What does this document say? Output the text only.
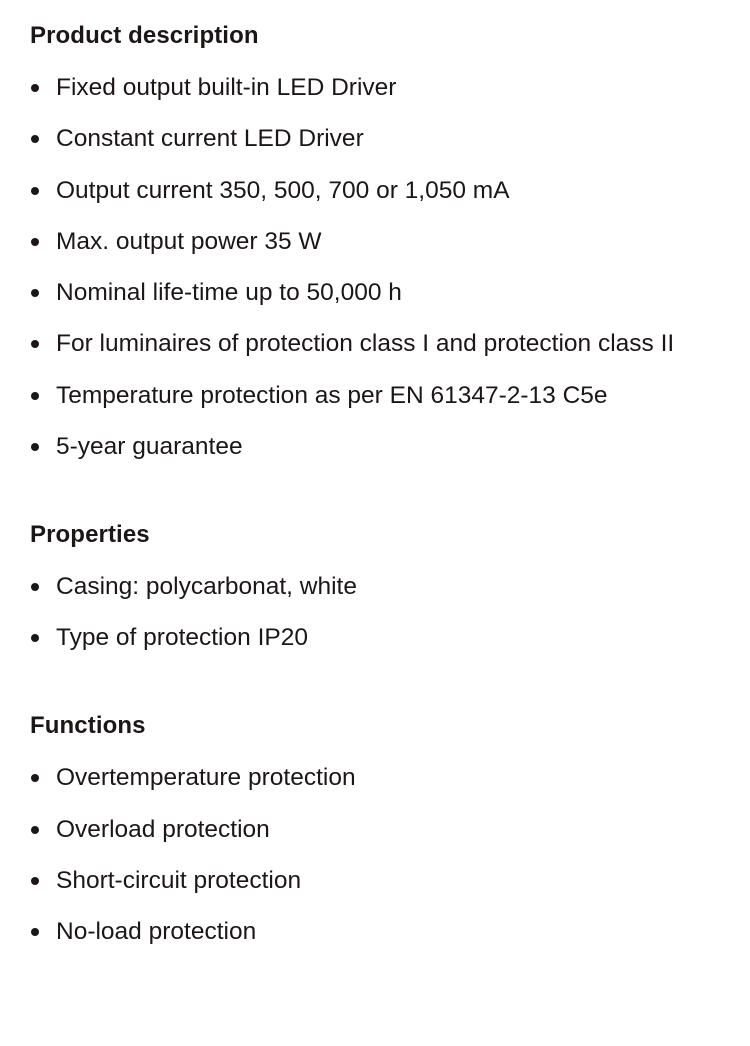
Product description
Fixed output built-in LED Driver
Constant current LED Driver
Output current 350, 500, 700 or 1,050 mA
Max. output power 35 W
Nominal life-time up to 50,000 h
For luminaires of protection class I and protection class II
Temperature protection as per EN 61347-2-13 C5e
5-year guarantee
Properties
Casing: polycarbonat, white
Type of protection IP20
Functions
Overtemperature protection
Overload protection
Short-circuit protection
No-load protection
